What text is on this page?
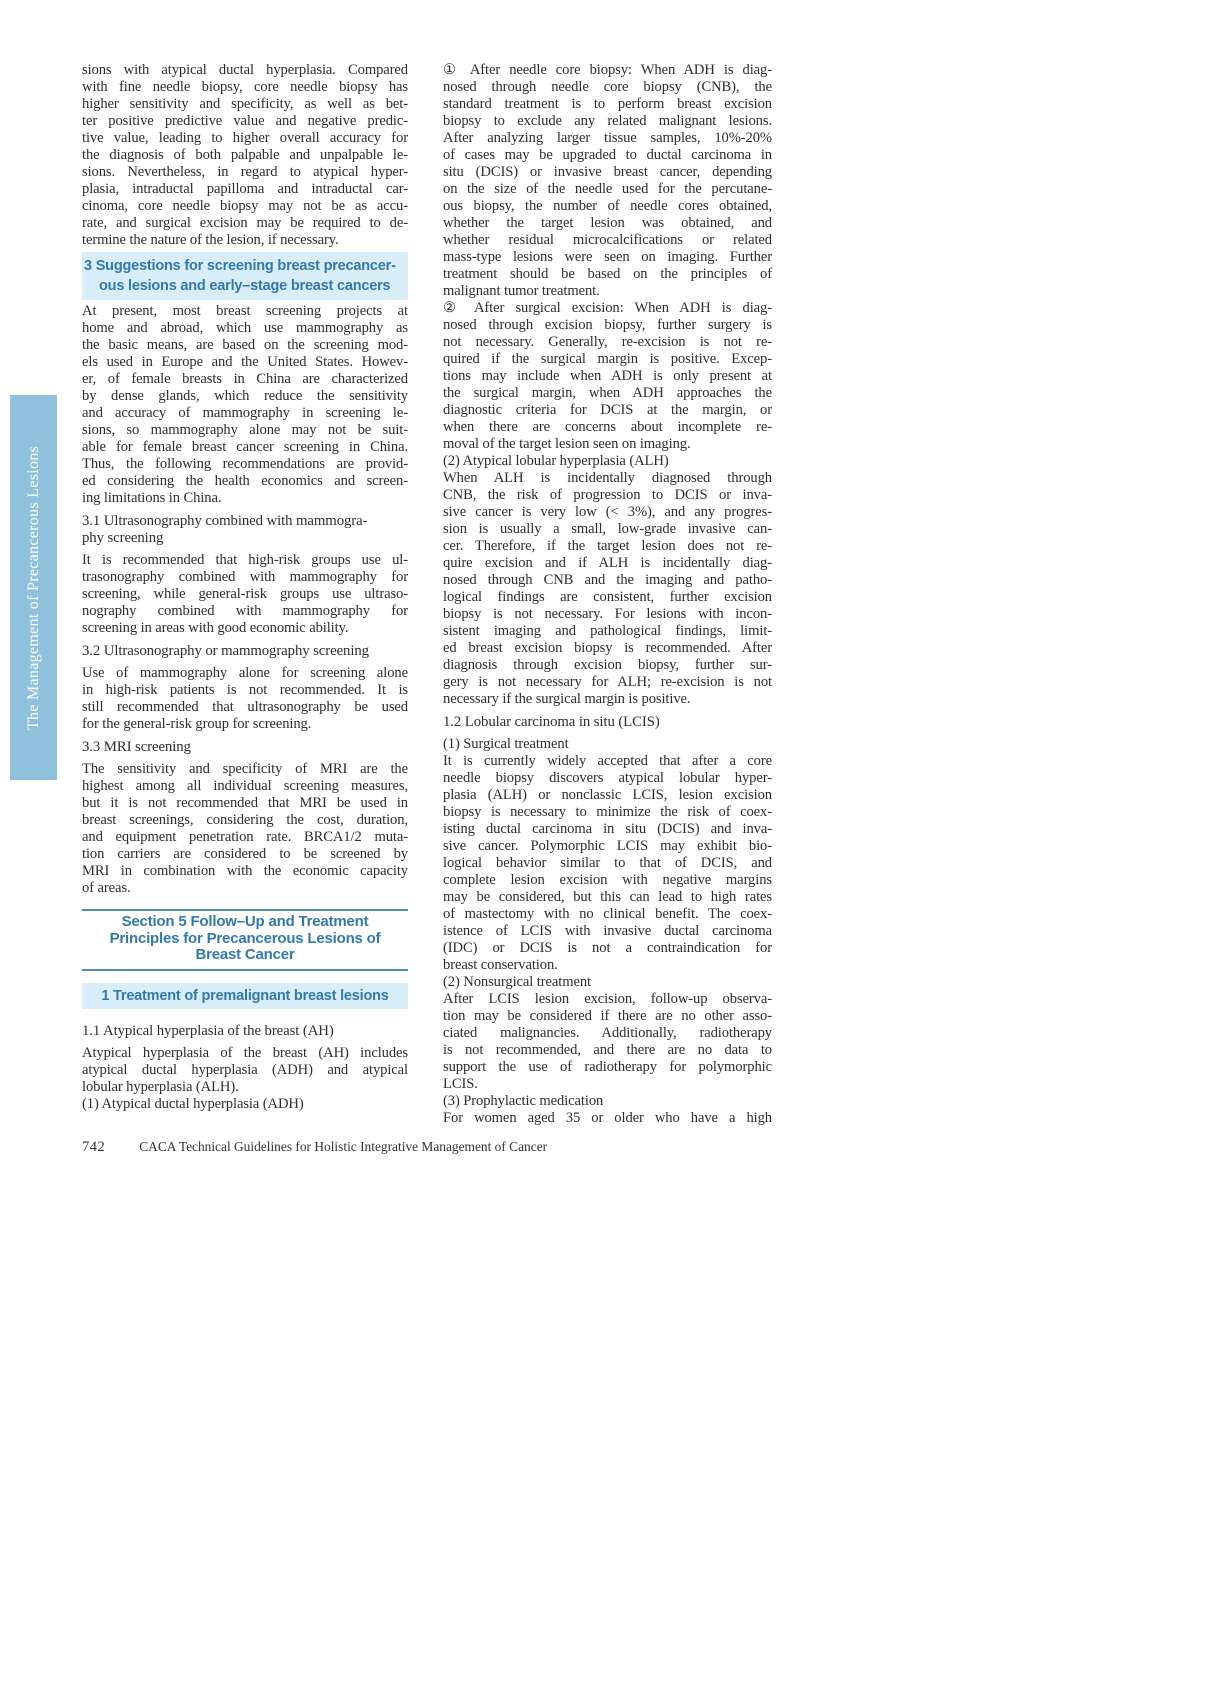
The Management of Precancerous Lesions
sions with atypical ductal hyperplasia. Compared
with fine needle biopsy, core needle biopsy has
higher sensitivity and specificity, as well as bet-
ter positive predictive value and negative predic-
tive value, leading to higher overall accuracy for
the diagnosis of both palpable and unpalpable le-
sions. Nevertheless, in regard to atypical hyper-
plasia, intraductal papilloma and intraductal car-
cinoma, core needle biopsy may not be as accu-
rate, and surgical excision may be required to de-
termine the nature of the lesion, if necessary.
3 Suggestions for screening breast precancer-
ous lesions and early–stage breast cancers
At present, most breast screening projects at
home and abroad, which use mammography as
the basic means, are based on the screening mod-
els used in Europe and the United States. Howev-
er, of female breasts in China are characterized
by dense glands, which reduce the sensitivity
and accuracy of mammography in screening le-
sions, so mammography alone may not be suit-
able for female breast cancer screening in China.
Thus, the following recommendations are provid-
ed considering the health economics and screen-
ing limitations in China.
3.1 Ultrasonography combined with mammogra-
phy screening
It is recommended that high-risk groups use ul-
trasonography combined with mammography for
screening, while general-risk groups use ultraso-
nography combined with mammography for
screening in areas with good economic ability.
3.2 Ultrasonography or mammography screening
Use of mammography alone for screening alone
in high-risk patients is not recommended. It is
still recommended that ultrasonography be used
for the general-risk group for screening.
3.3 MRI screening
The sensitivity and specificity of MRI are the
highest among all individual screening measures,
but it is not recommended that MRI be used in
breast screenings, considering the cost, duration,
and equipment penetration rate. BRCA1/2 muta-
tion carriers are considered to be screened by
MRI in combination with the economic capacity
of areas.
Section 5 Follow–Up and Treatment
Principles for Precancerous Lesions of
Breast Cancer
1 Treatment of premalignant breast lesions
1.1 Atypical hyperplasia of the breast (AH)
Atypical hyperplasia of the breast (AH) includes
atypical ductal hyperplasia (ADH) and atypical
lobular hyperplasia (ALH).
(1) Atypical ductal hyperplasia (ADH)
① After needle core biopsy: When ADH is diag-
nosed through needle core biopsy (CNB), the
standard treatment is to perform breast excision
biopsy to exclude any related malignant lesions.
After analyzing larger tissue samples, 10%-20%
of cases may be upgraded to ductal carcinoma in
situ (DCIS) or invasive breast cancer, depending
on the size of the needle used for the percutane-
ous biopsy, the number of needle cores obtained,
whether the target lesion was obtained, and
whether residual microcalcifications or related
mass-type lesions were seen on imaging. Further
treatment should be based on the principles of
malignant tumor treatment.
② After surgical excision: When ADH is diag-
nosed through excision biopsy, further surgery is
not necessary. Generally, re-excision is not re-
quired if the surgical margin is positive. Excep-
tions may include when ADH is only present at
the surgical margin, when ADH approaches the
diagnostic criteria for DCIS at the margin, or
when there are concerns about incomplete re-
moval of the target lesion seen on imaging.
(2) Atypical lobular hyperplasia (ALH)
When ALH is incidentally diagnosed through
CNB, the risk of progression to DCIS or inva-
sive cancer is very low (< 3%), and any progres-
sion is usually a small, low-grade invasive can-
cer. Therefore, if the target lesion does not re-
quire excision and if ALH is incidentally diag-
nosed through CNB and the imaging and patho-
logical findings are consistent, further excision
biopsy is not necessary. For lesions with incon-
sistent imaging and pathological findings, limit-
ed breast excision biopsy is recommended. After
diagnosis through excision biopsy, further sur-
gery is not necessary for ALH; re-excision is not
necessary if the surgical margin is positive.
1.2 Lobular carcinoma in situ (LCIS)
(1) Surgical treatment
It is currently widely accepted that after a core
needle biopsy discovers atypical lobular hyper-
plasia (ALH) or nonclassic LCIS, lesion excision
biopsy is necessary to minimize the risk of coex-
isting ductal carcinoma in situ (DCIS) and inva-
sive cancer. Polymorphic LCIS may exhibit bio-
logical behavior similar to that of DCIS, and
complete lesion excision with negative margins
may be considered, but this can lead to high rates
of mastectomy with no clinical benefit. The coex-
istence of LCIS with invasive ductal carcinoma
(IDC) or DCIS is not a contraindication for
breast conservation.
(2) Nonsurgical treatment
After LCIS lesion excision, follow-up observa-
tion may be considered if there are no other asso-
ciated malignancies. Additionally, radiotherapy
is not recommended, and there are no data to
support the use of radiotherapy for polymorphic
LCIS.
(3) Prophylactic medication
For women aged 35 or older who have a high
742	CACA Technical Guidelines for Holistic Integrative Management of Cancer
